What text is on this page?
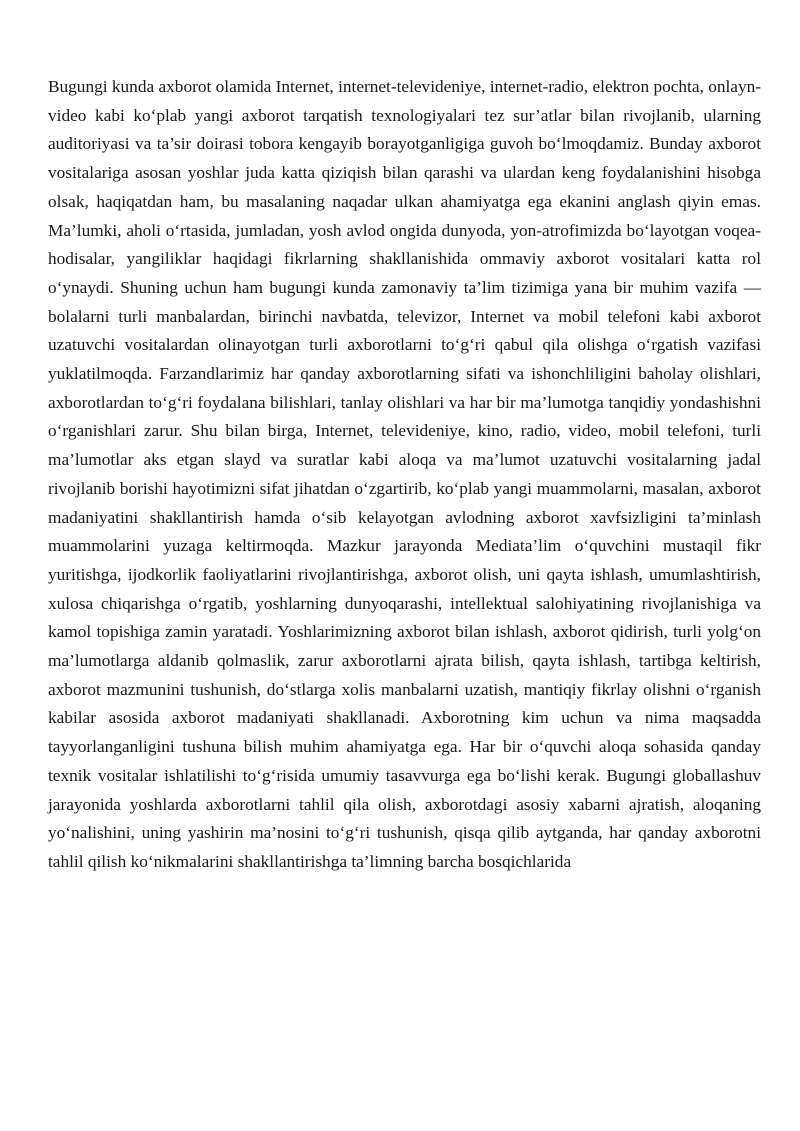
Bugungi kunda axborot olamida Internet, internet-televideniye, internet-radio, elektron pochta, onlayn-video kabi ko‘plab yangi axborot tarqatish texnologiyalari tez sur’atlar bilan rivojlanib, ularning auditoriyasi va ta’sir doirasi tobora kengayib borayotganligiga guvoh bo‘lmoqdamiz. Bunday axborot vositalariga asosan yoshlar juda katta qiziqish bilan qarashi va ulardan keng foydalanishini hisobga olsak, haqiqatdan ham, bu masalaning naqadar ulkan ahamiyatga ega ekanini anglash qiyin emas. Ma’lumki, aholi o‘rtasida, jumladan, yosh avlod ongida dunyoda, yon-atrofimizda bo‘layotgan voqea-hodisalar, yangiliklar haqidagi fikrlarning shakllanishida ommaviy axborot vositalari katta rol o‘ynaydi. Shuning uchun ham bugungi kunda zamonaviy ta’lim tizimiga yana bir muhim vazifa — bolalarni turli manbalardan, birinchi navbatda, televizor, Internet va mobil telefoni kabi axborot uzatuvchi vositalardan olinayotgan turli axborotlarni to‘g‘ri qabul qila olishga o‘rgatish vazifasi yuklatilmoqda. Farzandlarimiz har qanday axborotlarning sifati va ishonchliligini baholay olishlari, axborotlardan to‘g‘ri foydalana bilishlari, tanlay olishlari va har bir ma’lumotga tanqidiy yondashishni o‘rganishlari zarur. Shu bilan birga, Internet, televideniye, kino, radio, video, mobil telefoni, turli ma’lumotlar aks etgan slayd va suratlar kabi aloqa va ma’lumot uzatuvchi vositalarning jadal rivojlanib borishi hayotimizni sifat jihatdan o‘zgartirib, ko‘plab yangi muammolarni, masalan, axborot madaniyatini shakllantirish hamda o‘sib kelayotgan avlodning axborot xavfsizligini ta’minlash muammolarini yuzaga keltirmoqda. Mazkur jarayonda Mediata’lim o‘quvchini mustaqil fikr yuritishga, ijodkorlik faoliyatlarini rivojlantirishga, axborot olish, uni qayta ishlash, umumlashtirish, xulosa chiqarishga o‘rgatib, yoshlarning dunyoqarashi, intellektual salohiyatining rivojlanishiga va kamol topishiga zamin yaratadi. Yoshlarimizning axborot bilan ishlash, axborot qidirish, turli yolg‘on ma’lumotlarga aldanib qolmaslik, zarur axborotlarni ajrata bilish, qayta ishlash, tartibga keltirish, axborot mazmunini tushunish, do‘stlarga xolis manbalarni uzatish, mantiqiy fikrlay olishni o‘rganish kabilar asosida axborot madaniyati shakllanadi. Axborotning kim uchun va nima maqsadda tayyorlanganligini tushuna bilish muhim ahamiyatga ega. Har bir o‘quvchi aloqa sohasida qanday texnik vositalar ishlatilishi to‘g‘risida umumiy tasavvurga ega bo‘lishi kerak. Bugungi globallashuv jarayonida yoshlarda axborotlarni tahlil qila olish, axborotdagi asosiy xabarni ajratish, aloqaning yo‘nalishini, uning yashirin ma’nosini to‘g‘ri tushunish, qisqa qilib aytganda, har qanday axborotni tahlil qilish ko‘nikmalarini shakllantirishga ta’limning barcha bosqichlarida
